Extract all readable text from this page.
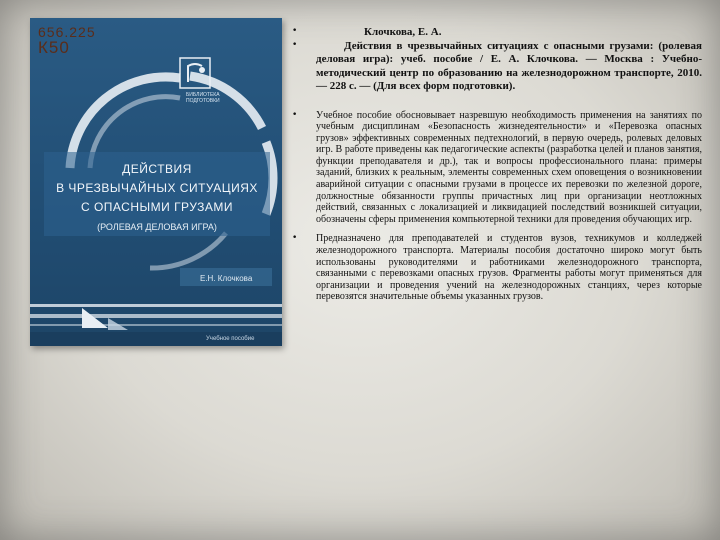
656.225
К50
БИБЛИОТЕКА ПОДГОТОВКИ
ДЕЙСТВИЯ
В ЧРЕЗВЫЧАЙНЫХ СИТУАЦИЯХ
С ОПАСНЫМИ ГРУЗАМИ
(РОЛЕВАЯ ДЕЛОВАЯ ИГРА)
Е.Н. Клочкова
Учебное пособие
•	Клочкова, Е. А.
•	Действия в чрезвычайных ситуациях с опасными грузами: (ролевая деловая игра): учеб. пособие / Е. А. Клочкова. — Москва : Учебно-методический центр по образованию на железнодорожном транспорте, 2010. — 228 с. — (Для всех форм подготовки).
• Учебное пособие обосновывает назревшую необходимость применения на занятиях по учебным дисциплинам «Безопасность жизнедеятельности» и «Перевозка опасных грузов» эффективных современных педтехнологий, в первую очередь, ролевых деловых игр. В работе приведены как педагогические аспекты (разработка целей и планов занятия, функции преподавателя и др.), так и вопросы профессионального плана: примеры заданий, близких к реальным, элементы современных схем оповещения о возникновении аварийной ситуации с опасными грузами в процессе их перевозки по железной дороге, должностные обязанности группы причастных лиц при организации неотложных действий, связанных с локализацией и ликвидацией последствий возникшей ситуации, обозначены сферы применения компьютерной техники для проведения обучающих игр.
• Предназначено для преподавателей и студентов вузов, техникумов и колледжей железнодорожного транспорта. Материалы пособия достаточно широко могут быть использованы руководителями и работниками железнодорожного транспорта, связанными с перевозками опасных грузов. Фрагменты работы могут применяться для организации и проведения учений на железнодорожных станциях, через которые перевозятся значительные объемы указанных грузов.
